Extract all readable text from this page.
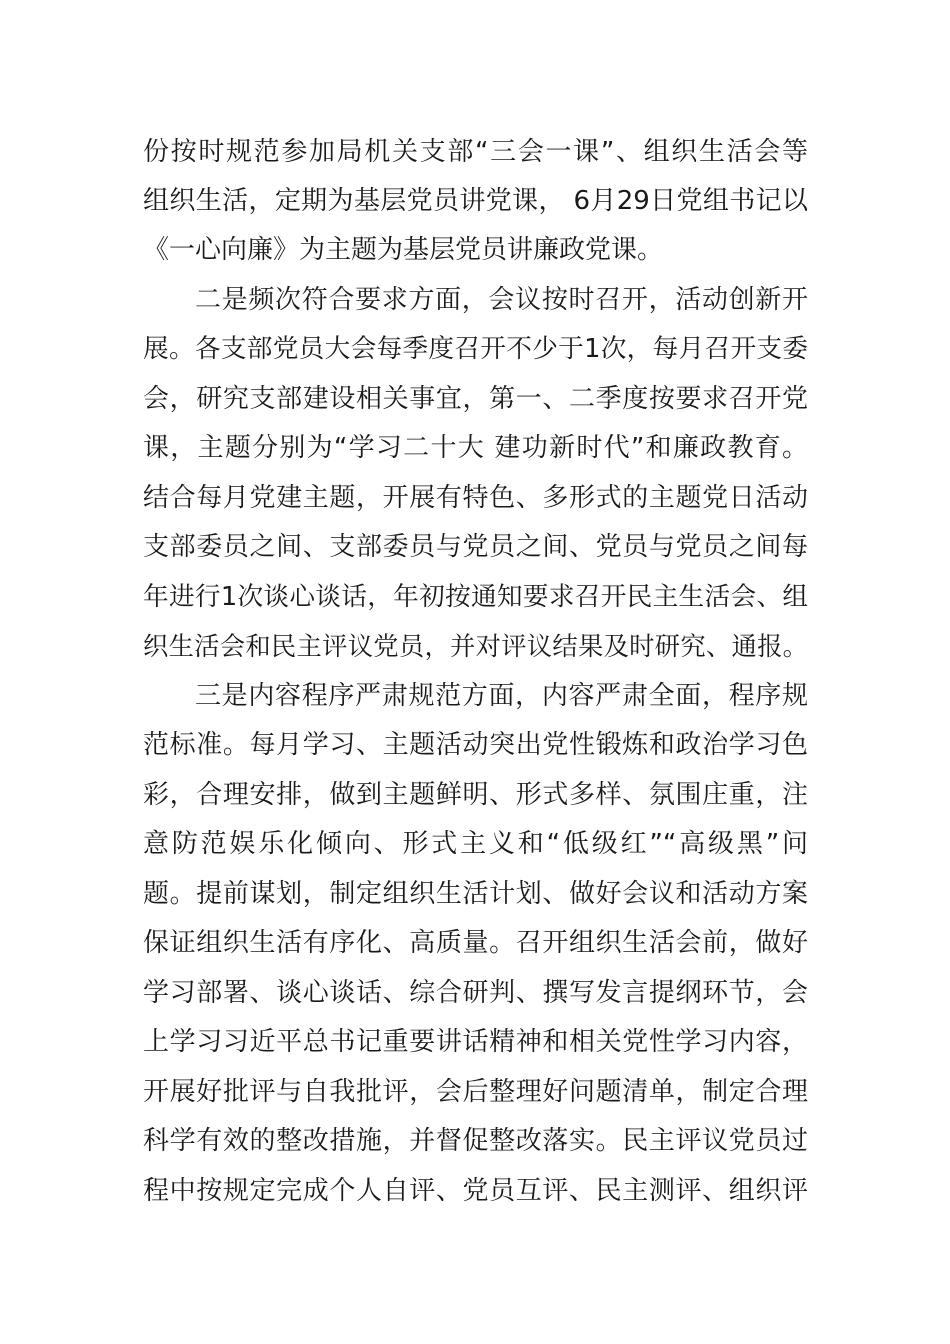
份按时规范参加局机关支部“三会一课”、组织生活会等
组织生活，定期为基层党员讲党课， 6月29日党组书记以
《一心向廉》为主题为基层党员讲廉政党课。
二是频次符合要求方面，会议按时召开，活动创新开
展。各支部党员大会每季度召开不少于1次，每月召开支委
会，研究支部建设相关事宜，第一、二季度按要求召开党
课，主题分别为“学习二十大 建功新时代”和廉政教育。
结合每月党建主题，开展有特色、多形式的主题党日活动
支部委员之间、支部委员与党员之间、党员与党员之间每
年进行1次谈心谈话，年初按通知要求召开民主生活会、组
织生活会和民主评议党员，并对评议结果及时研究、通报。
三是内容程序严肃规范方面，内容严肃全面，程序规
范标准。每月学习、主题活动突出党性锻炼和政治学习色
彩，合理安排，做到主题鲜明、形式多样、氛围庄重，注
意防范娱乐化倾向、形式主义和“低级红”“高级黑”问
题。提前谋划，制定组织生活计划、做好会议和活动方案
保证组织生活有序化、高质量。召开组织生活会前，做好
学习部署、谈心谈话、综合研判、撰写发言提纲环节，会
上学习习近平总书记重要讲话精神和相关党性学习内容，
开展好批评与自我批评，会后整理好问题清单，制定合理
科学有效的整改措施，并督促整改落实。民主评议党员过
程中按规定完成个人自评、党员互评、民主测评、组织评
